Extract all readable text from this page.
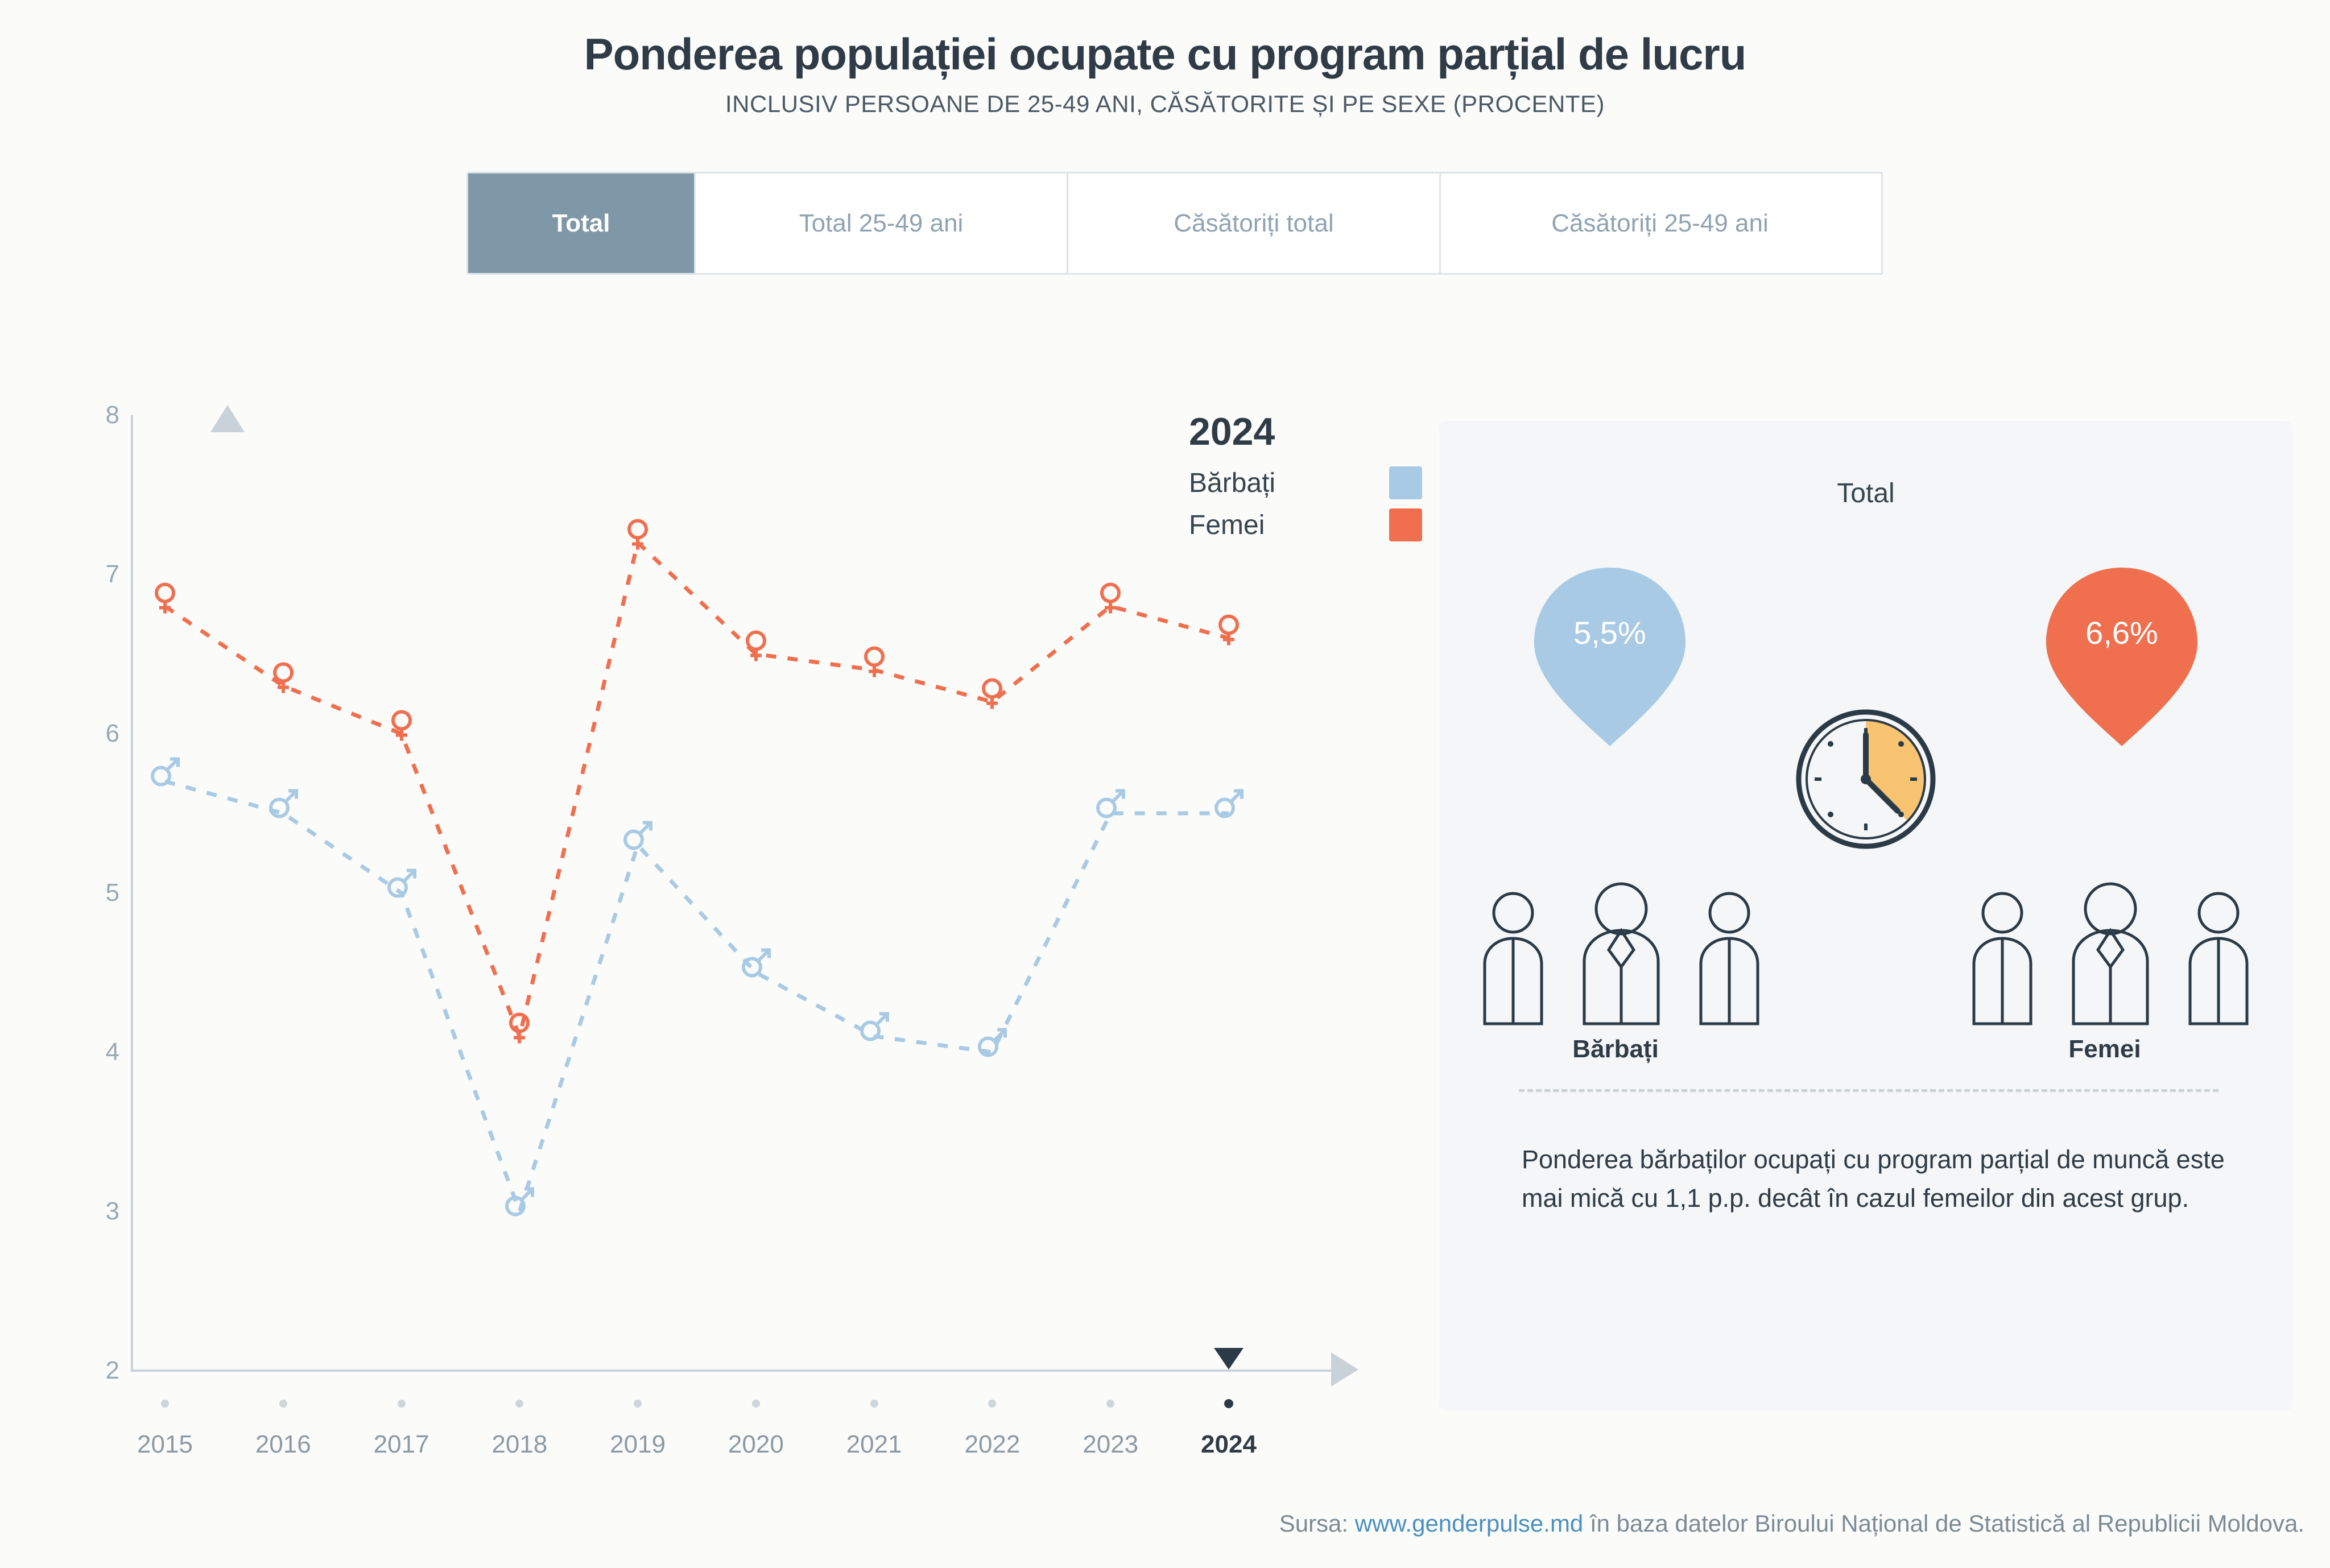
Ponderea populației ocupate cu program parțial de lucru

INCLUSIV PERSOANE DE 25-49 ANI, CĂSĂTORITE ȘI PE SEXE (PROCENTE)

Total	Total 25-49 ani	Căsătoriți total	Căsătoriți 25-49 ani
2
3
4
5
6
7
8
2015	2016	2017	2018	2019	2020	2021	2022	2023	2024
2024
Bărbați
Femei
Total
5,5%	6,6%
Bărbați	Femei
Ponderea bărbaților ocupați cu program parțial de muncă este mai mică cu 1,1 p.p. decât în cazul femeilor din acest grup.
Sursa: www.genderpulse.md în baza datelor Biroului Național de Statistică al Republicii Moldova.
